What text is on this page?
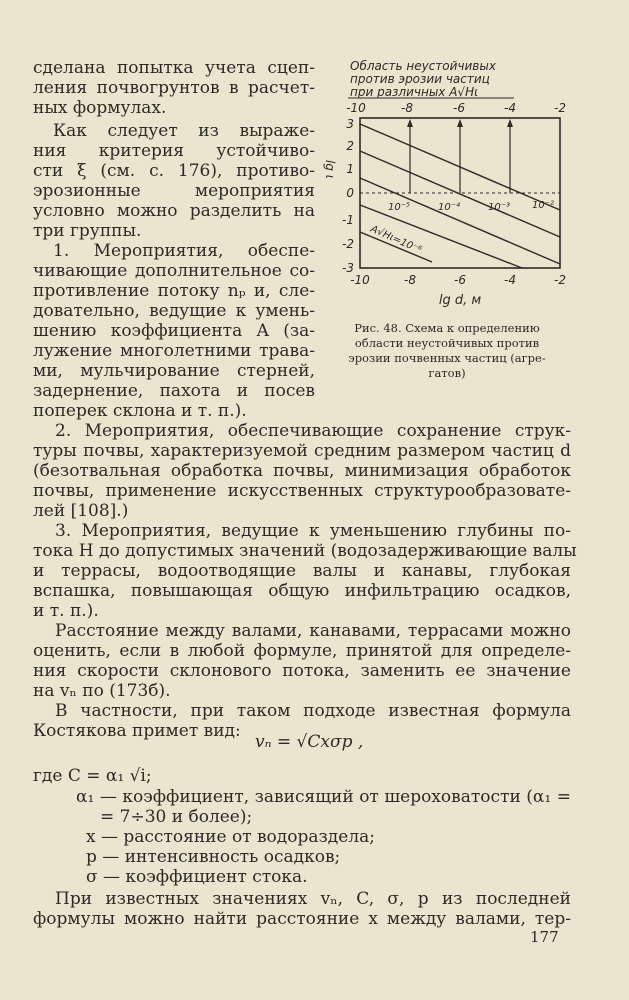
сделана попытка учета сцеп-

ления почвогрунтов в расчет-

ных формулах.

Как следует из выраже-

ния критерия устойчиво-

сти ξ (см. с. 176), противо-

эрозионные мероприятия

условно можно разделить на

три группы.

1. Мероприятия, обеспе-

чивающие дополнительное со-

противление потоку nₚ и, сле-

довательно, ведущие к умень-

шению коэффициента A (за-

лужение многолетними трава-

ми, мульчирование стерней,

задернение, пахота и посев

поперек склона и т. п.).

Область неустойчивых
против эрозии частиц
при различных A√Hι
-10	-8	-6	-4	-2
10⁻⁵	10⁻⁴	10⁻³ 10⁻²
A√Hι=10⁻⁶
3
2
1
0
-1
-2
-3
lg ι
-10	-8	-6	-4	-2
lg d, м
Рис. 48. Схема к определению
области неустойчивых против
эрозии почвенных частиц (агре-
гатов)

2. Мероприятия, обеспечивающие сохранение струк-

туры почвы, характеризуемой средним размером частиц d

(безотвальная обработка почвы, минимизация обработок

почвы, применение искусственных структурообразовате-

лей [108].)

3. Мероприятия, ведущие к уменьшению глубины по-

тока H до допустимых значений (водозадерживающие валы

и террасы, водоотводящие валы и канавы, глубокая

вспашка, повышающая общую инфильтрацию осадков,

и т. п.).

Расстояние между валами, канавами, террасами можно

оценить, если в любой формуле, принятой для определе-

ния скорости склонового потока, заменить ее значение

на vₙ по (173б).

В частности, при таком подходе известная формула

Костякова примет вид:

vₙ = √Cxσp ,

где C = α₁ √i;

α₁ — коэффициент, зависящий от шероховатости (α₁ =

= 7÷30 и более);

x — расстояние от водораздела;

p — интенсивность осадков;

σ — коэффициент стока.

При известных значениях vₙ, C, σ, p из последней

формулы можно найти расстояние x между валами, тер-

177
